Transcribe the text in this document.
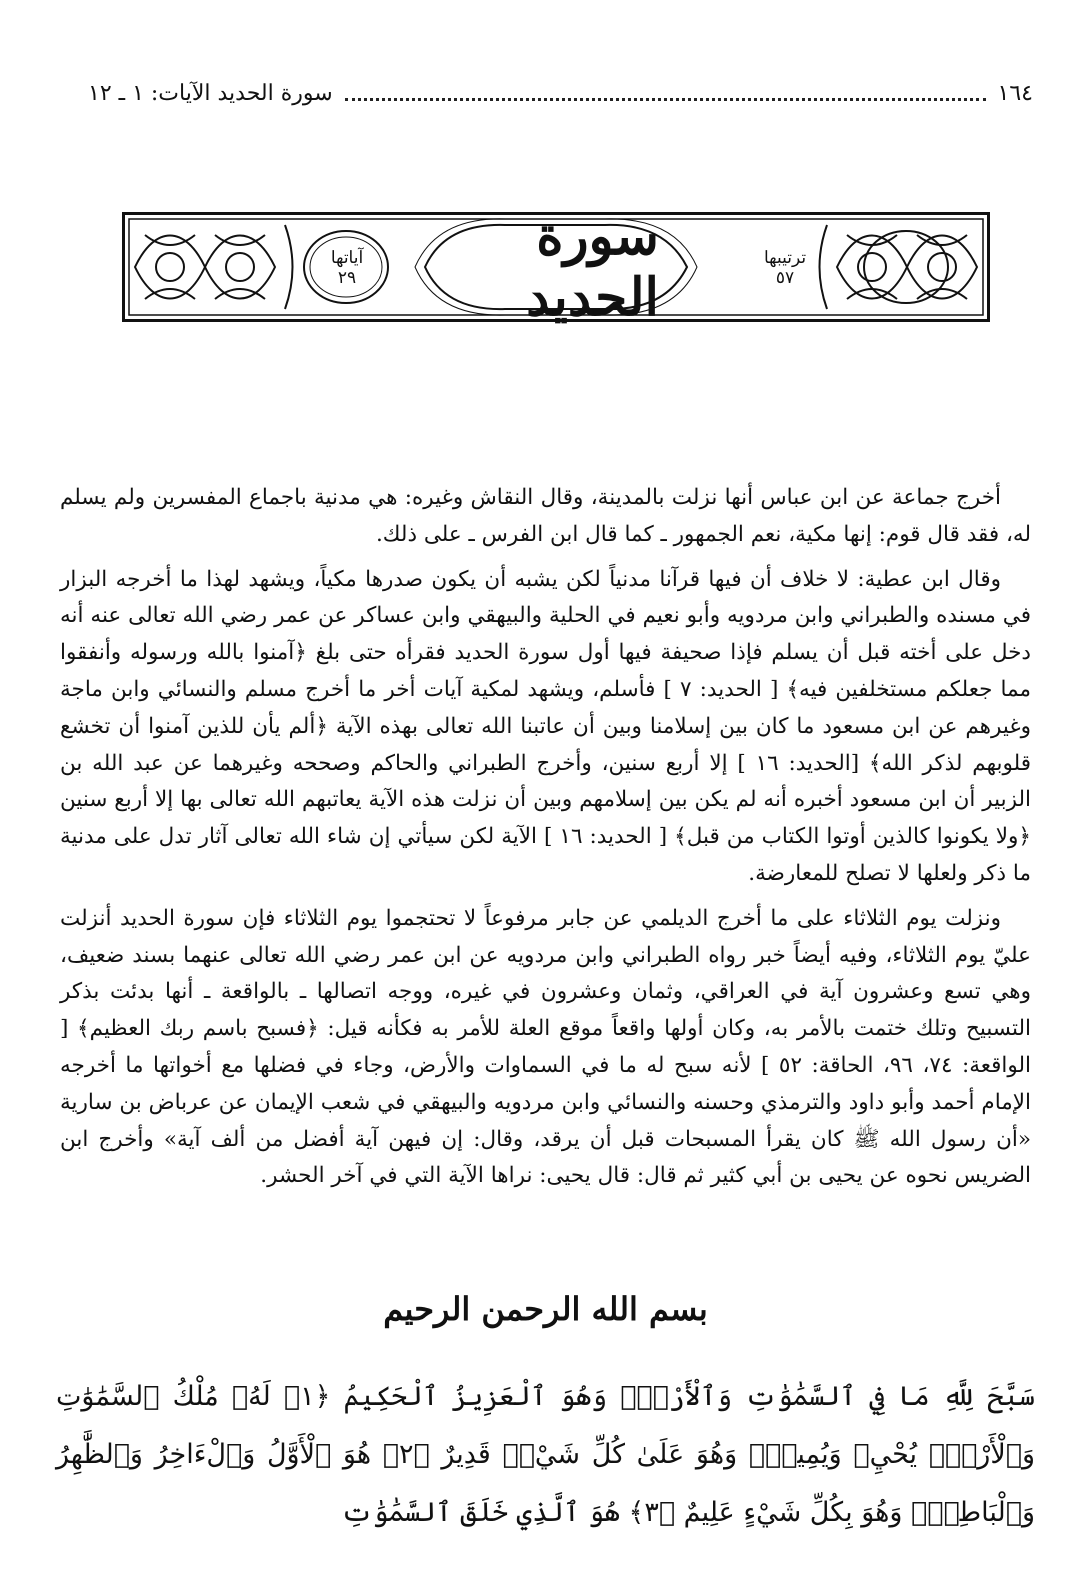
١٦٤
سورة الحديد الآيات: ١ ـ ١٢
ترتيبها
٥٧
سورة الحديد
آياتها
٢٩

أخرج جماعة عن ابن عباس أنها نزلت بالمدينة، وقال النقاش وغيره: هي مدنية باجماع المفسرين ولم يسلم له، فقد قال قوم: إنها مكية، نعم الجمهور ـ كما قال ابن الفرس ـ على ذلك.

وقال ابن عطية: لا خلاف أن فيها قرآنا مدنياً لكن يشبه أن يكون صدرها مكياً، ويشهد لهذا ما أخرجه البزار في مسنده والطبراني وابن مردويه وأبو نعيم في الحلية والبيهقي وابن عساكر عن عمر رضي الله تعالى عنه أنه دخل على أخته قبل أن يسلم فإذا صحيفة فيها أول سورة الحديد فقرأه حتى بلغ ﴿آمنوا بالله ورسوله وأنفقوا مما جعلكم مستخلفين فيه﴾ [ الحديد: ٧ ] فأسلم، ويشهد لمكية آيات أخر ما أخرج مسلم والنسائي وابن ماجة وغيرهم عن ابن مسعود ما كان بين إسلامنا وبين أن عاتبنا الله تعالى بهذه الآية ﴿ألم يأن للذين آمنوا أن تخشع قلوبهم لذكر الله﴾ [الحديد: ١٦ ] إلا أربع سنين، وأخرج الطبراني والحاكم وصححه وغيرهما عن عبد الله بن الزبير أن ابن مسعود أخبره أنه لم يكن بين إسلامهم وبين أن نزلت هذه الآية يعاتبهم الله تعالى بها إلا أربع سنين ﴿ولا يكونوا كالذين أوتوا الكتاب من قبل﴾ [ الحديد: ١٦ ] الآية لكن سيأتي إن شاء الله تعالى آثار تدل على مدنية ما ذكر ولعلها لا تصلح للمعارضة.

ونزلت يوم الثلاثاء على ما أخرج الديلمي عن جابر مرفوعاً لا تحتجموا يوم الثلاثاء فإن سورة الحديد أنزلت عليّ يوم الثلاثاء، وفيه أيضاً خبر رواه الطبراني وابن مردويه عن ابن عمر رضي الله تعالى عنهما بسند ضعيف، وهي تسع وعشرون آية في العراقي، وثمان وعشرون في غيره، ووجه اتصالها ـ بالواقعة ـ أنها بدئت بذكر التسبيح وتلك ختمت بالأمر به، وكان أولها واقعاً موقع العلة للأمر به فكأنه قيل: ﴿فسبح باسم ربك العظيم﴾ [ الواقعة: ٧٤، ٩٦، الحاقة: ٥٢ ] لأنه سبح له ما في السماوات والأرض، وجاء في فضلها مع أخواتها ما أخرجه الإمام أحمد وأبو داود والترمذي وحسنه والنسائي وابن مردويه والبيهقي في شعب الإيمان عن عرباض بن سارية «أن رسول الله ﷺ كان يقرأ المسبحات قبل أن يرقد، وقال: إن فيهن آية أفضل من ألف آية» وأخرج ابن الضريس نحوه عن يحيى بن أبي كثير ثم قال: قال يحيى: نراها الآية التي في آخر الحشر.

بسم الله الرحمن الرحيم
سَبَّحَ لِلَّهِ مَا فِي ٱلسَّمَٰوَٰتِ وَٱلْأَرْضِۖ وَهُوَ ٱلْعَزِيزُ ٱلْحَكِيمُ ﴿١﴾ لَهُۥ مُلْكُ ٱلسَّمَٰوَٰتِ وَٱلْأَرْضِۖ يُحْيِۦ وَيُمِيتُۖ وَهُوَ عَلَىٰ كُلِّ شَيْءٖ قَدِيرٌ ﴿٢﴾ هُوَ ٱلْأَوَّلُ وَٱلْءَاخِرُ وَٱلظَّٰهِرُ وَٱلْبَاطِنُۖ وَهُوَ بِكُلِّ شَيْءٍ عَلِيمٌ ﴿٣﴾ هُوَ ٱلَّذِي خَلَقَ ٱلسَّمَٰوَٰتِ
